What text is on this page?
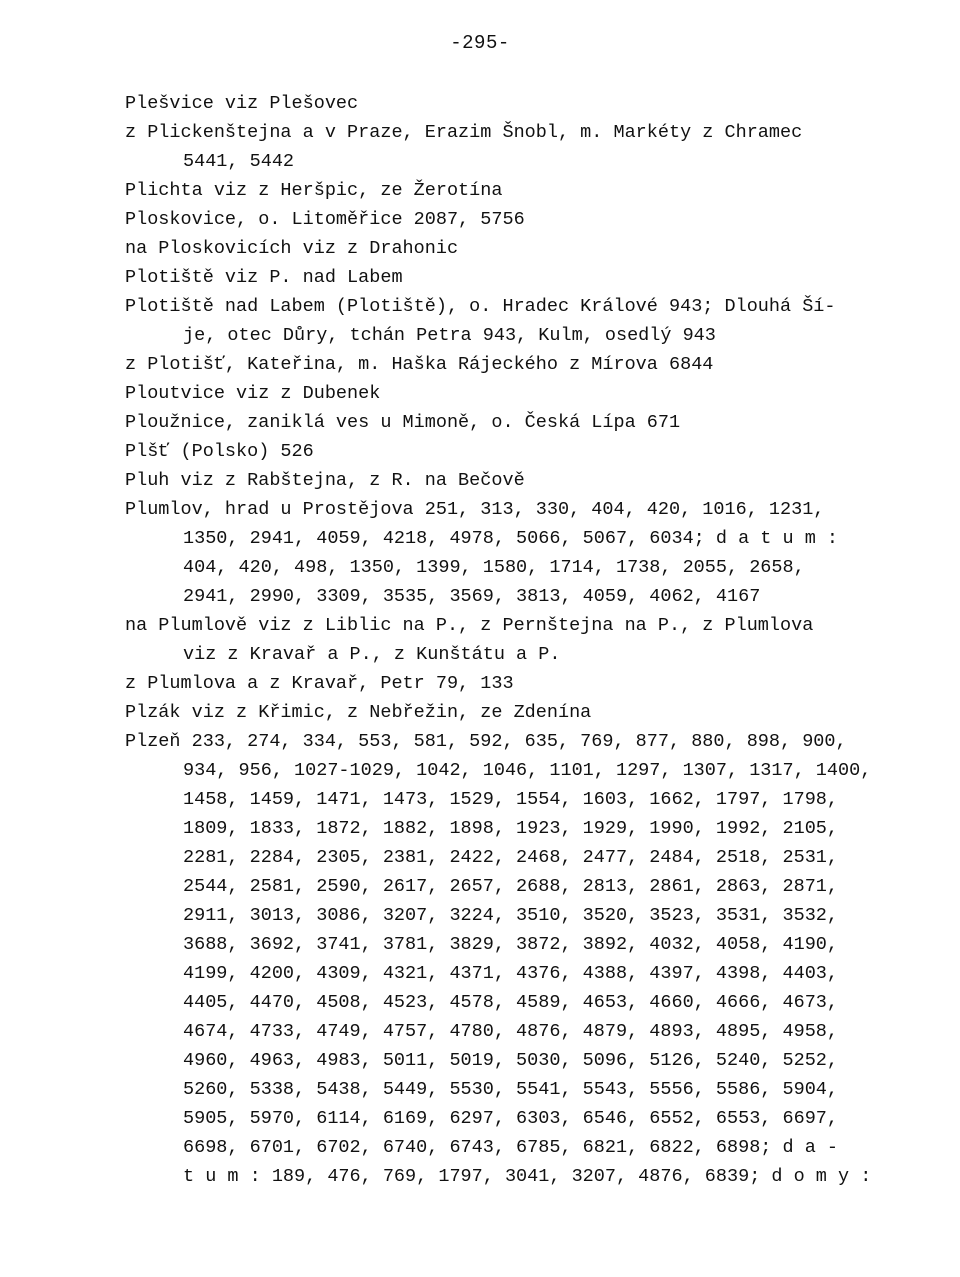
-295-
Plešvice viz Plešovec
z Plickenštejna a v Praze, Erazim Šnobl, m. Markéty z Chramec
5441, 5442
Plichta viz z Heršpic, ze Žerotína
Ploskovice, o. Litoměřice 2087, 5756
na Ploskovicích viz z Drahonic
Plotiště viz P. nad Labem
Plotiště nad Labem (Plotiště), o. Hradec Králové 943; Dlouhá Ší-
je, otec Důry, tchán Petra 943, Kulm, osedlý 943
z Plotišť, Kateřina, m. Haška Rájeckého z Mírova 6844
Ploutvice viz z Dubenek
Ploužnice, zaniklá ves u Mimoně, o. Česká Lípa 671
Plšť (Polsko) 526
Pluh viz z Rabštejna, z R. na Bečově
Plumlov, hrad u Prostějova 251, 313, 330, 404, 420, 1016, 1231,
1350, 2941, 4059, 4218, 4978, 5066, 5067, 6034; d a t u m :
404, 420, 498, 1350, 1399, 1580, 1714, 1738, 2055, 2658,
2941, 2990, 3309, 3535, 3569, 3813, 4059, 4062, 4167
na Plumlově viz z Liblic na P., z Pernštejna na P., z Plumlova
viz z Kravař a P., z Kunštátu a P.
z Plumlova a z Kravař, Petr 79, 133
Plzák viz z Křimic, z Nebřežin, ze Zdenína
Plzeň 233, 274, 334, 553, 581, 592, 635, 769, 877, 880, 898, 900,
934, 956, 1027-1029, 1042, 1046, 1101, 1297, 1307, 1317, 1400,
1458, 1459, 1471, 1473, 1529, 1554, 1603, 1662, 1797, 1798,
1809, 1833, 1872, 1882, 1898, 1923, 1929, 1990, 1992, 2105,
2281, 2284, 2305, 2381, 2422, 2468, 2477, 2484, 2518, 2531,
2544, 2581, 2590, 2617, 2657, 2688, 2813, 2861, 2863, 2871,
2911, 3013, 3086, 3207, 3224, 3510, 3520, 3523, 3531, 3532,
3688, 3692, 3741, 3781, 3829, 3872, 3892, 4032, 4058, 4190,
4199, 4200, 4309, 4321, 4371, 4376, 4388, 4397, 4398, 4403,
4405, 4470, 4508, 4523, 4578, 4589, 4653, 4660, 4666, 4673,
4674, 4733, 4749, 4757, 4780, 4876, 4879, 4893, 4895, 4958,
4960, 4963, 4983, 5011, 5019, 5030, 5096, 5126, 5240, 5252,
5260, 5338, 5438, 5449, 5530, 5541, 5543, 5556, 5586, 5904,
5905, 5970, 6114, 6169, 6297, 6303, 6546, 6552, 6553, 6697,
6698, 6701, 6702, 6740, 6743, 6785, 6821, 6822, 6898; d a -
t u m : 189, 476, 769, 1797, 3041, 3207, 4876, 6839; d o m y :
